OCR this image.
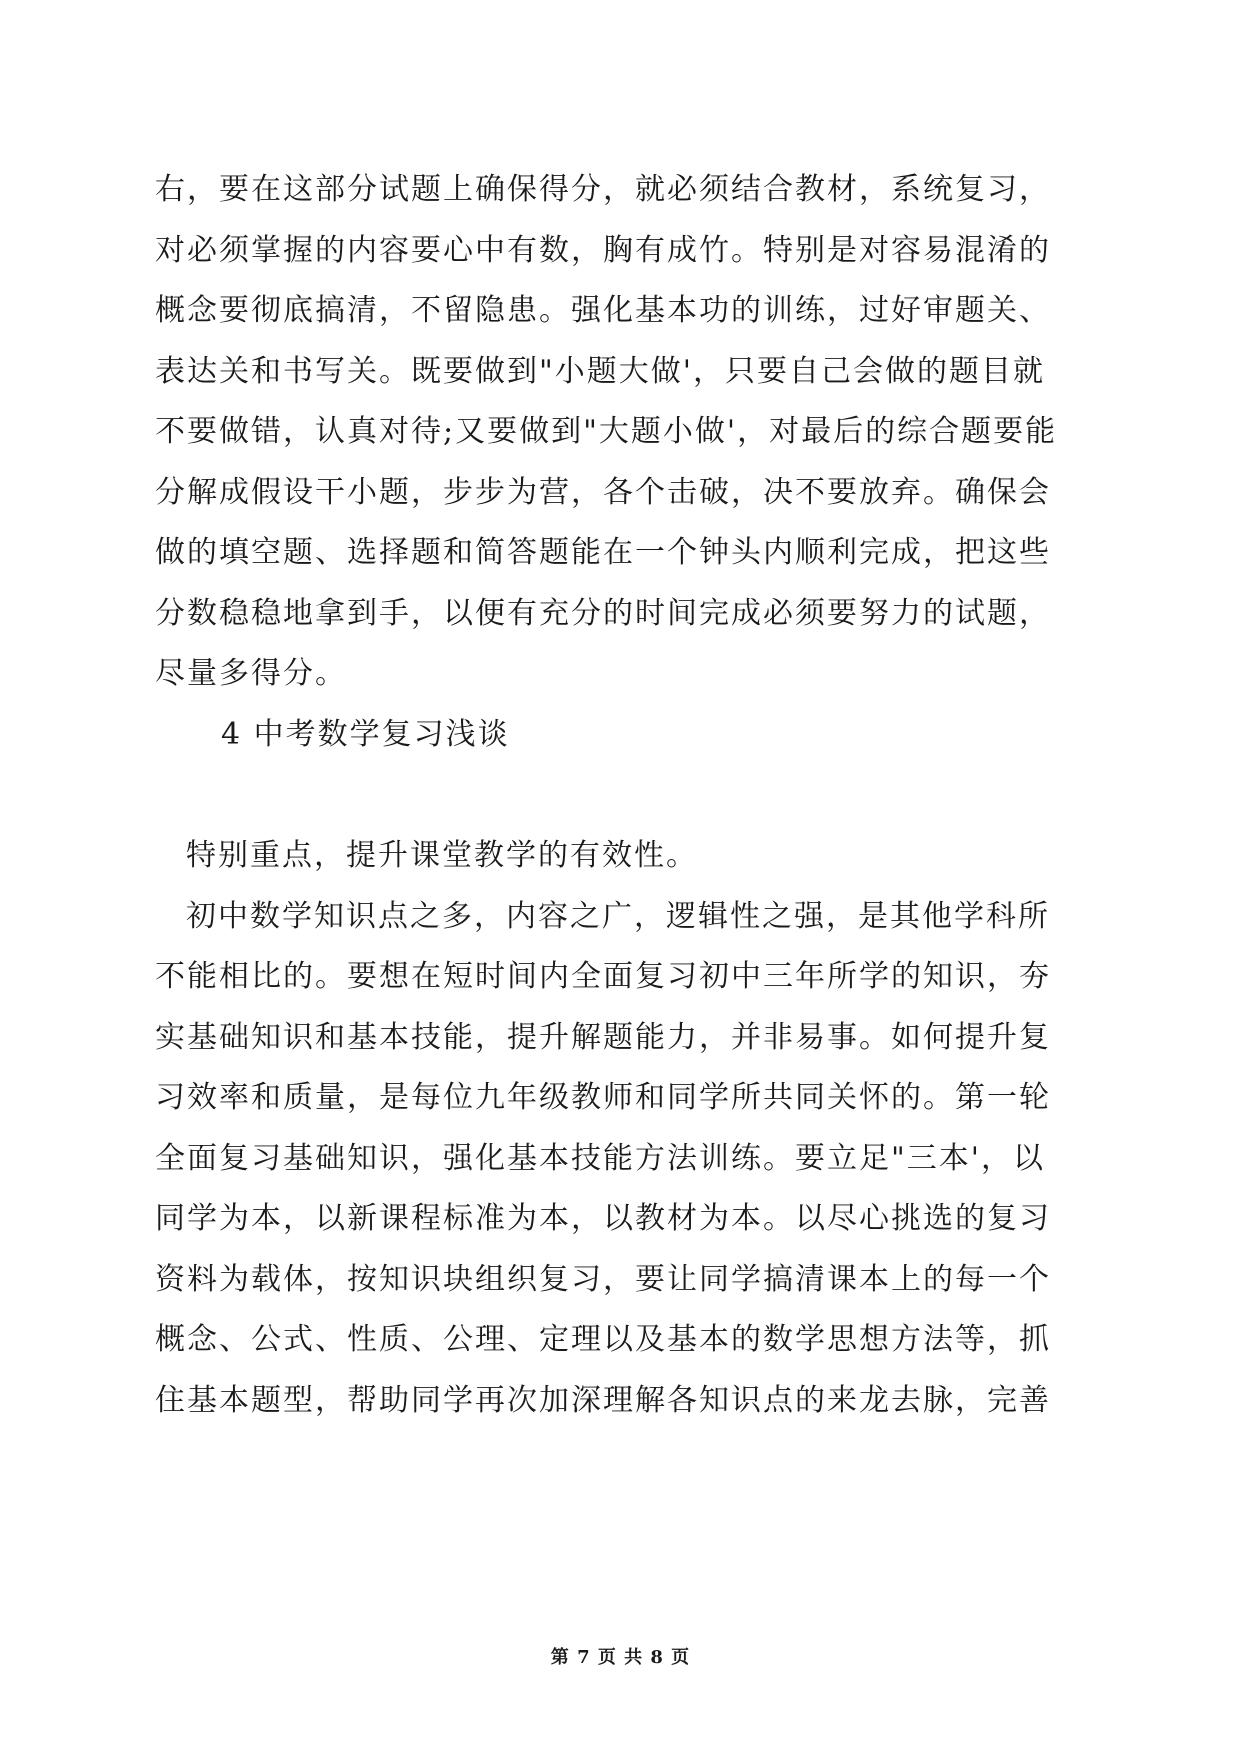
右，要在这部分试题上确保得分，就必须结合教材，系统复习，
对必须掌握的内容要心中有数，胸有成竹。特别是对容易混淆的
概念要彻底搞清，不留隐患。强化基本功的训练，过好审题关、
表达关和书写关。既要做到"小题大做'，只要自己会做的题目就
不要做错，认真对待;又要做到"大题小做'，对最后的综合题要能
分解成假设干小题，步步为营，各个击破，决不要放弃。确保会
做的填空题、选择题和简答题能在一个钟头内顺利完成，把这些
分数稳稳地拿到手，以便有充分的时间完成必须要努力的试题，
尽量多得分。
4 中考数学复习浅谈
特别重点，提升课堂教学的有效性。
初中数学知识点之多，内容之广，逻辑性之强，是其他学科所
不能相比的。要想在短时间内全面复习初中三年所学的知识，夯
实基础知识和基本技能，提升解题能力，并非易事。如何提升复
习效率和质量，是每位九年级教师和同学所共同关怀的。第一轮
全面复习基础知识，强化基本技能方法训练。要立足"三本'，以
同学为本，以新课程标准为本，以教材为本。以尽心挑选的复习
资料为载体，按知识块组织复习，要让同学搞清课本上的每一个
概念、公式、性质、公理、定理以及基本的数学思想方法等，抓
住基本题型，帮助同学再次加深理解各知识点的来龙去脉，完善
第 7 页 共 8 页
